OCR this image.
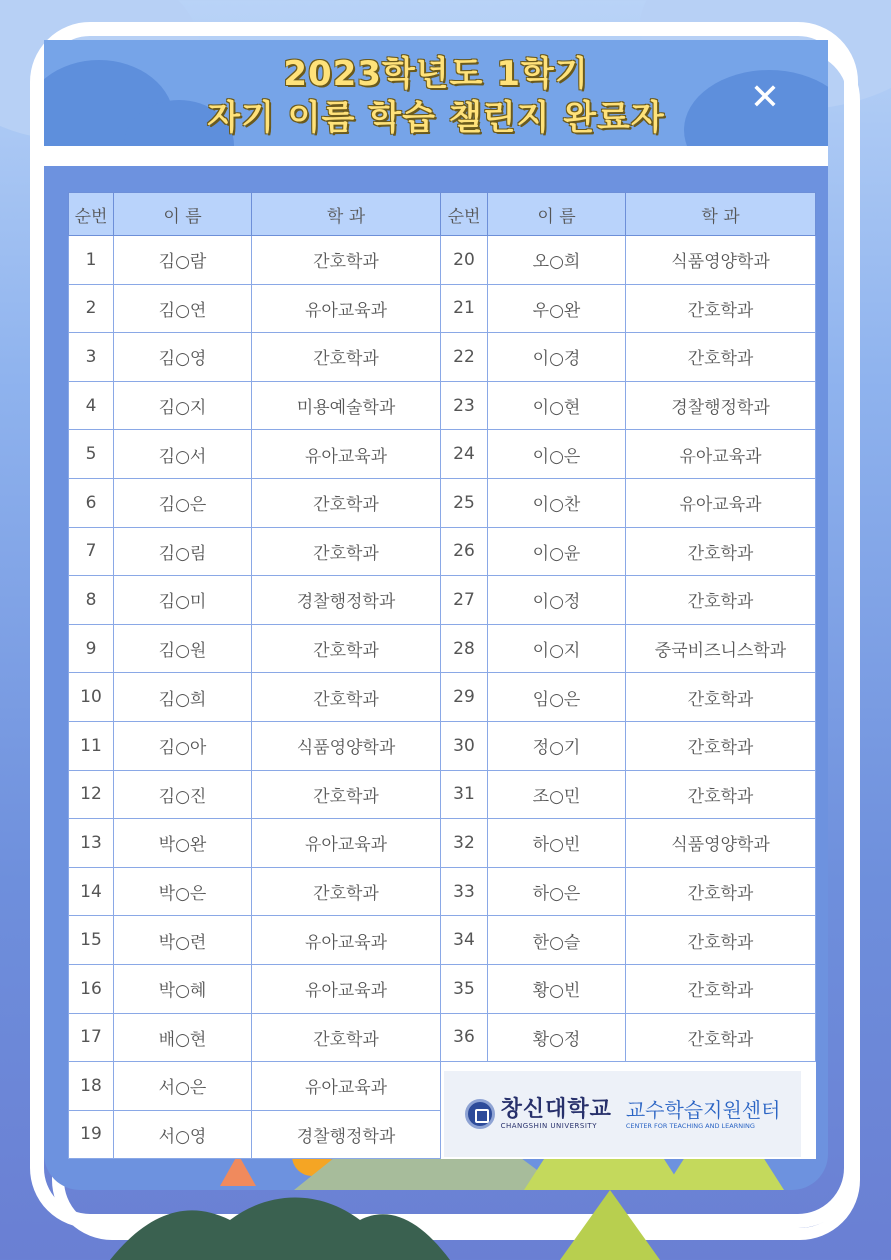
2023학년도 1학기
자기 이름 학습 챌린지 완료자	✕
순번	이 름	학 과	순번	이 름	학 과
1	김○람	간호학과	20	오○희	식품영양학과
2	김○연	유아교육과	21	우○완	간호학과
3	김○영	간호학과	22	이○경	간호학과
4	김○지	미용예술학과	23	이○현	경찰행정학과
5	김○서	유아교육과	24	이○은	유아교육과
6	김○은	간호학과	25	이○찬	유아교육과
7	김○림	간호학과	26	이○윤	간호학과
8	김○미	경찰행정학과	27	이○정	간호학과
9	김○원	간호학과	28	이○지	중국비즈니스학과
10	김○희	간호학과	29	임○은	간호학과
11	김○아	식품영양학과	30	정○기	간호학과
12	김○진	간호학과	31	조○민	간호학과
13	박○완	유아교육과	32	하○빈	식품영양학과
14	박○은	간호학과	33	하○은	간호학과
15	박○련	유아교육과	34	한○슬	간호학과
16	박○혜	유아교육과	35	황○빈	간호학과
17	배○현	간호학과	36	황○정	간호학과
18	서○은	유아교육과			
19	서○영	경찰행정학과			
창신대학교
CHANGSHIN UNIVERSITY
교수학습지원센터
CENTER FOR TEACHING AND LEARNING
